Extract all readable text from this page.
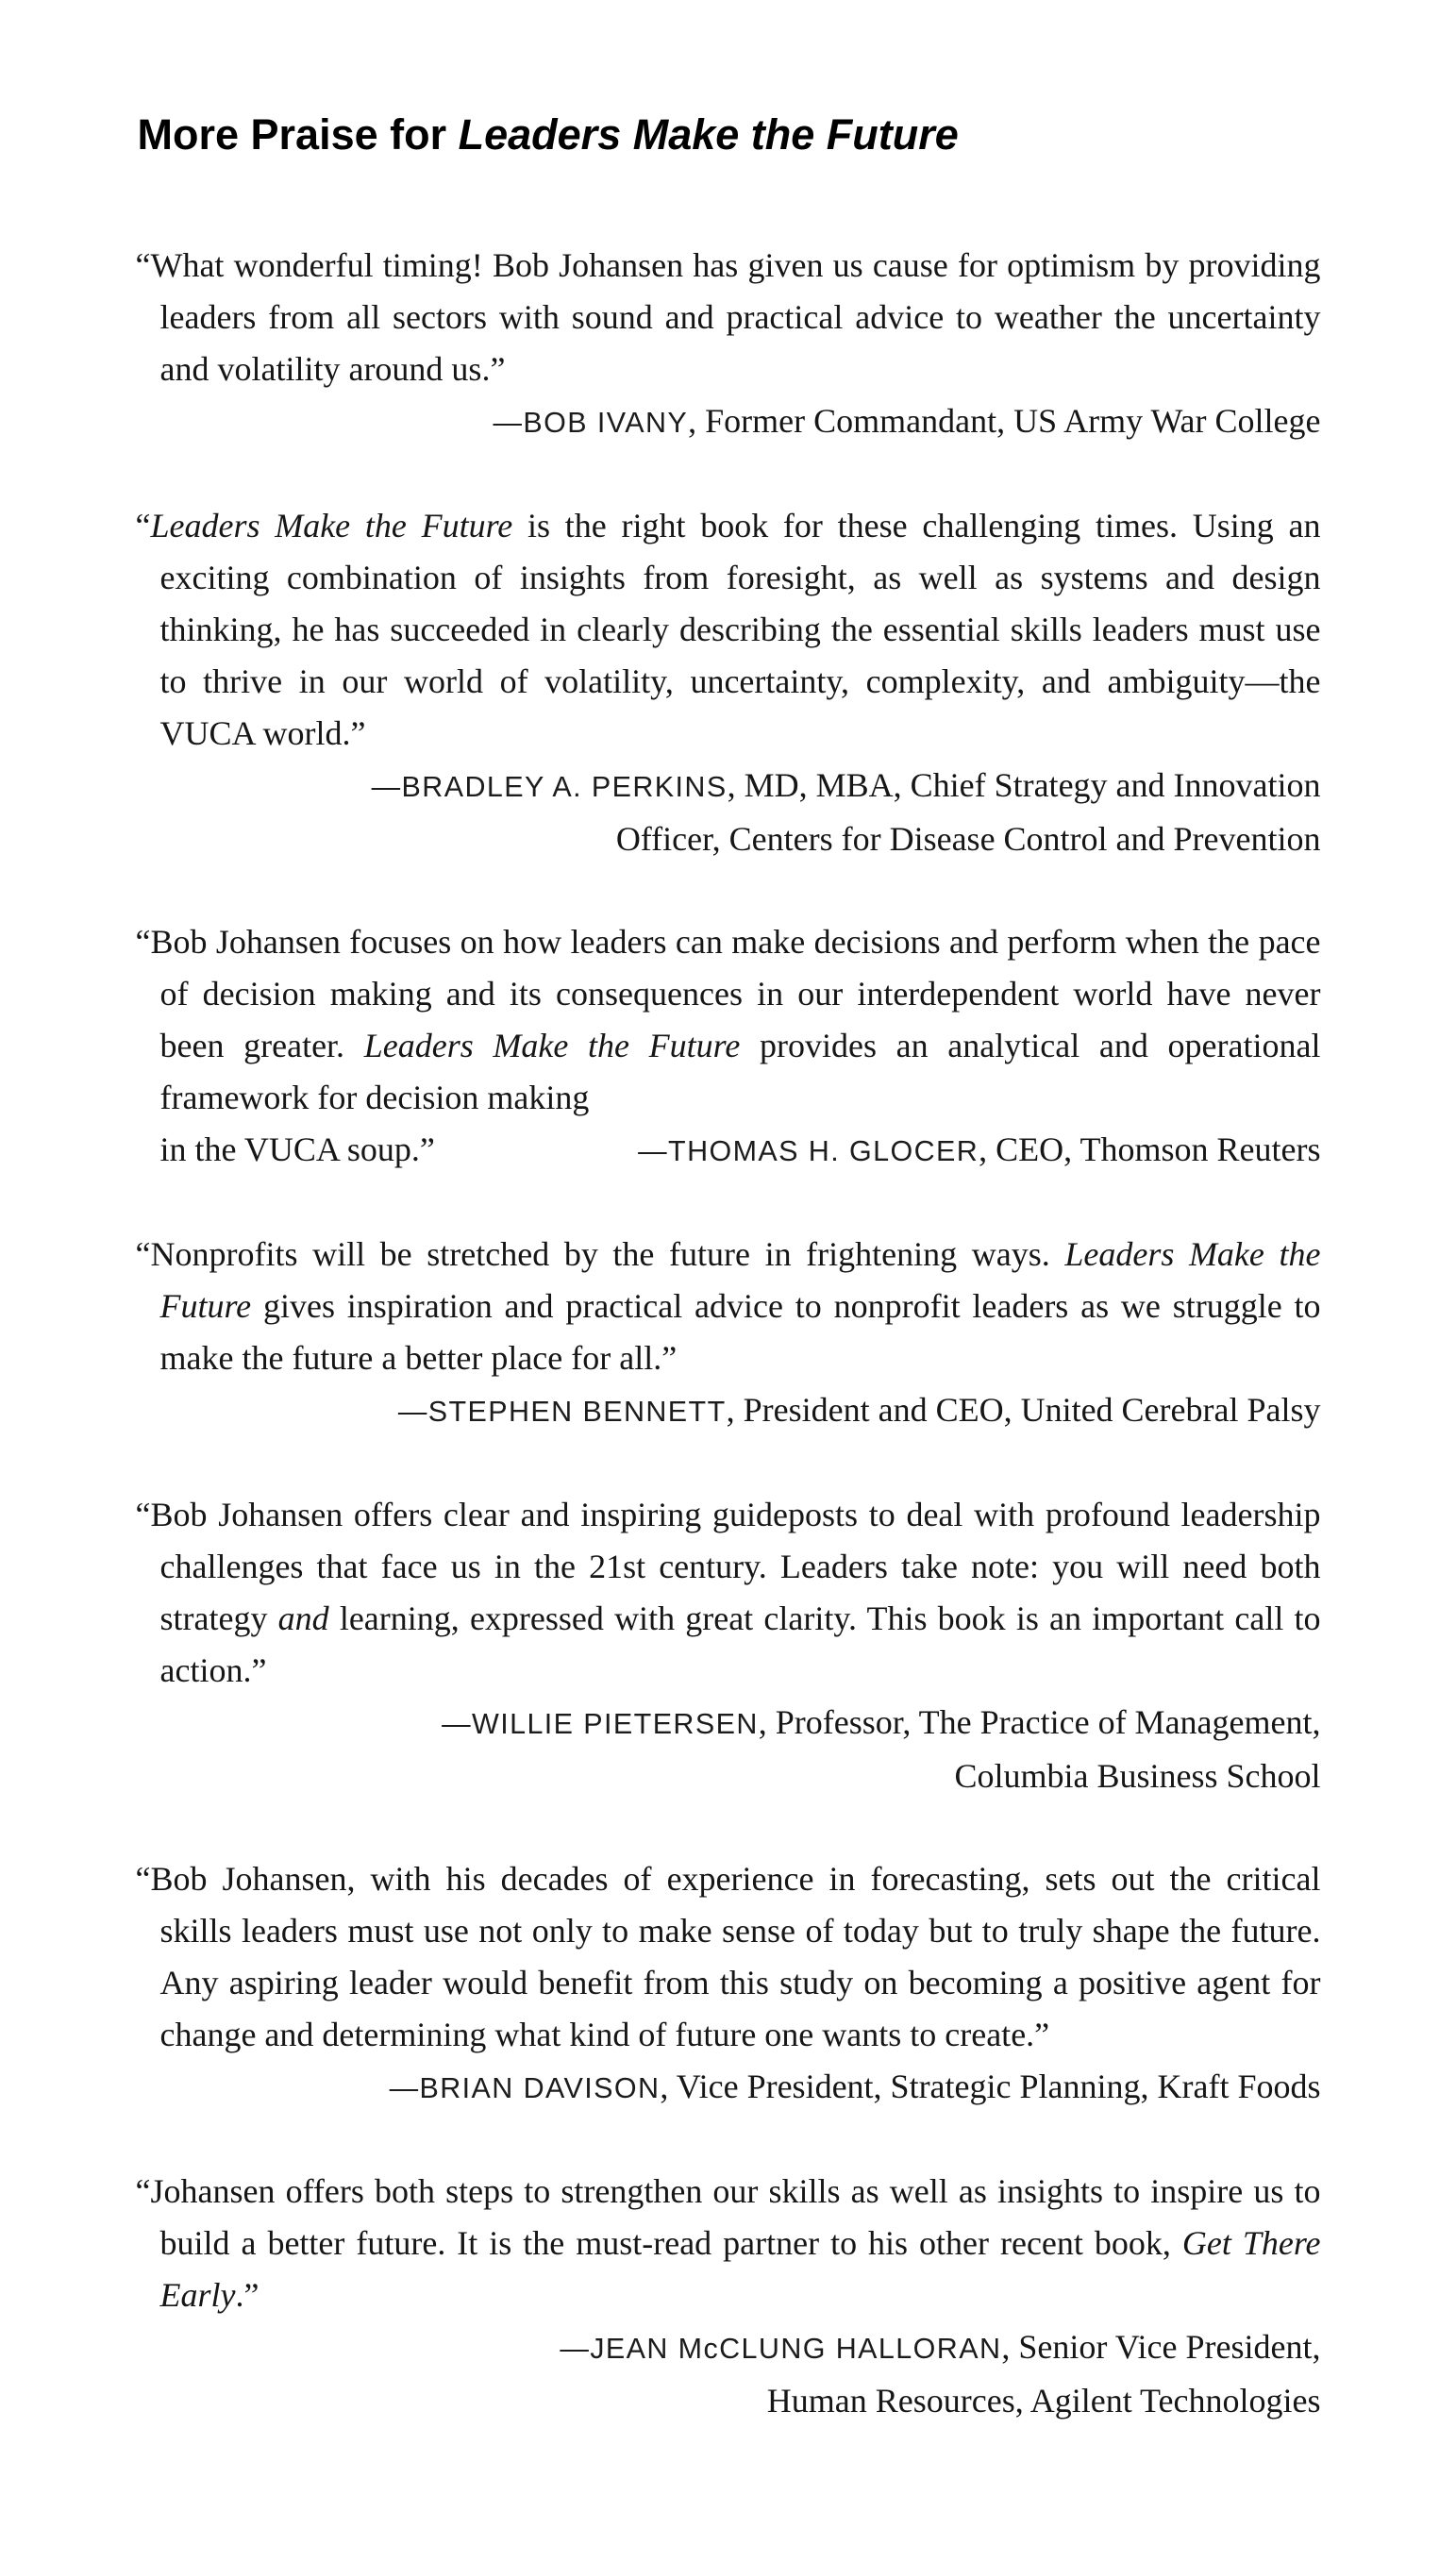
More Praise for Leaders Make the Future

“What wonderful timing! Bob Johansen has given us cause for optimism by providing leaders from all sectors with sound and practical advice to weather the uncertainty and volatility around us.”

—BOB IVANY, Former Commandant, US Army War College

“Leaders Make the Future is the right book for these challenging times. Using an exciting combination of insights from foresight, as well as systems and design thinking, he has succeeded in clearly describing the essential skills leaders must use to thrive in our world of volatility, uncertainty, complexity, and ambiguity—the VUCA world.”

—BRADLEY A. PERKINS, MD, MBA, Chief Strategy and Innovation
Officer, Centers for Disease Control and Prevention

“Bob Johansen focuses on how leaders can make decisions and perform when the pace of decision making and its consequences in our interdependent world have never been greater. Leaders Make the Future provides an analytical and operational framework for decision making

in the VUCA soup.”	—THOMAS H. GLOCER, CEO, Thomson Reuters

“Nonprofits will be stretched by the future in frightening ways. Leaders Make the Future gives inspiration and practical advice to nonprofit leaders as we struggle to make the future a better place for all.”

—STEPHEN BENNETT, President and CEO, United Cerebral Palsy

“Bob Johansen offers clear and inspiring guideposts to deal with profound leadership challenges that face us in the 21st century. Leaders take note: you will need both strategy and learning, expressed with great clarity. This book is an important call to action.”

—WILLIE PIETERSEN, Professor, The Practice of Management,
Columbia Business School

“Bob Johansen, with his decades of experience in forecasting, sets out the critical skills leaders must use not only to make sense of today but to truly shape the future. Any aspiring leader would benefit from this study on becoming a positive agent for change and determining what kind of future one wants to create.”

—BRIAN DAVISON, Vice President, Strategic Planning, Kraft Foods

“Johansen offers both steps to strengthen our skills as well as insights to inspire us to build a better future. It is the must-read partner to his other recent book, Get There Early.”

—JEAN McCLUNG HALLORAN, Senior Vice President,
Human Resources, Agilent Technologies
